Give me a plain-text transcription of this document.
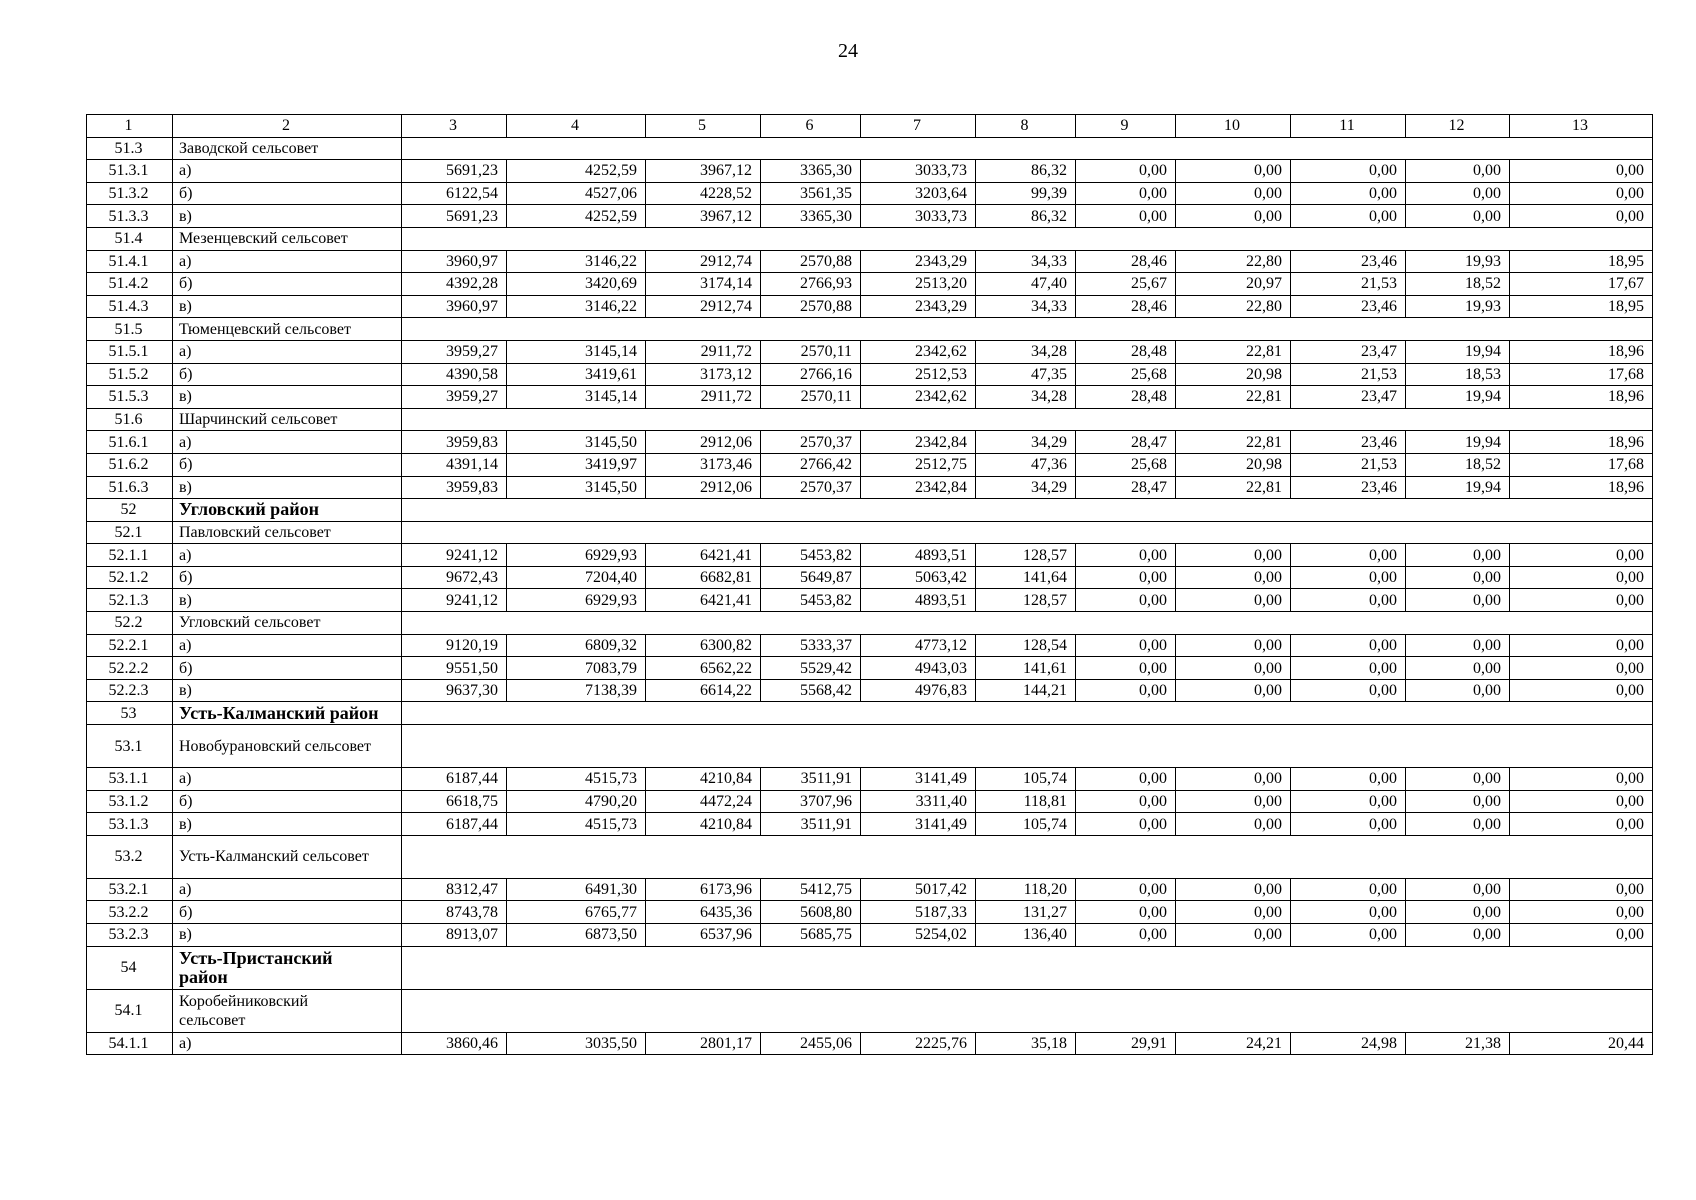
24
1	2	3	4	5	6	7	8	9	10	11	12	13
51.3	Заводской сельсовет											
51.3.1	а)	5691,23	4252,59	3967,12	3365,30	3033,73	86,32	0,00	0,00	0,00	0,00	0,00
51.3.2	б)	6122,54	4527,06	4228,52	3561,35	3203,64	99,39	0,00	0,00	0,00	0,00	0,00
51.3.3	в)	5691,23	4252,59	3967,12	3365,30	3033,73	86,32	0,00	0,00	0,00	0,00	0,00
51.4	Мезенцевский сельсовет											
51.4.1	а)	3960,97	3146,22	2912,74	2570,88	2343,29	34,33	28,46	22,80	23,46	19,93	18,95
51.4.2	б)	4392,28	3420,69	3174,14	2766,93	2513,20	47,40	25,67	20,97	21,53	18,52	17,67
51.4.3	в)	3960,97	3146,22	2912,74	2570,88	2343,29	34,33	28,46	22,80	23,46	19,93	18,95
51.5	Тюменцевский сельсовет											
51.5.1	а)	3959,27	3145,14	2911,72	2570,11	2342,62	34,28	28,48	22,81	23,47	19,94	18,96
51.5.2	б)	4390,58	3419,61	3173,12	2766,16	2512,53	47,35	25,68	20,98	21,53	18,53	17,68
51.5.3	в)	3959,27	3145,14	2911,72	2570,11	2342,62	34,28	28,48	22,81	23,47	19,94	18,96
51.6	Шарчинский сельсовет											
51.6.1	а)	3959,83	3145,50	2912,06	2570,37	2342,84	34,29	28,47	22,81	23,46	19,94	18,96
51.6.2	б)	4391,14	3419,97	3173,46	2766,42	2512,75	47,36	25,68	20,98	21,53	18,52	17,68
51.6.3	в)	3959,83	3145,50	2912,06	2570,37	2342,84	34,29	28,47	22,81	23,46	19,94	18,96
52	Угловский район											
52.1	Павловский сельсовет											
52.1.1	а)	9241,12	6929,93	6421,41	5453,82	4893,51	128,57	0,00	0,00	0,00	0,00	0,00
52.1.2	б)	9672,43	7204,40	6682,81	5649,87	5063,42	141,64	0,00	0,00	0,00	0,00	0,00
52.1.3	в)	9241,12	6929,93	6421,41	5453,82	4893,51	128,57	0,00	0,00	0,00	0,00	0,00
52.2	Угловский сельсовет											
52.2.1	а)	9120,19	6809,32	6300,82	5333,37	4773,12	128,54	0,00	0,00	0,00	0,00	0,00
52.2.2	б)	9551,50	7083,79	6562,22	5529,42	4943,03	141,61	0,00	0,00	0,00	0,00	0,00
52.2.3	в)	9637,30	7138,39	6614,22	5568,42	4976,83	144,21	0,00	0,00	0,00	0,00	0,00
53	Усть-Калманский район											
53.1	Новобурановский сельсовет											
53.1.1	а)	6187,44	4515,73	4210,84	3511,91	3141,49	105,74	0,00	0,00	0,00	0,00	0,00
53.1.2	б)	6618,75	4790,20	4472,24	3707,96	3311,40	118,81	0,00	0,00	0,00	0,00	0,00
53.1.3	в)	6187,44	4515,73	4210,84	3511,91	3141,49	105,74	0,00	0,00	0,00	0,00	0,00
53.2	Усть-Калманский сельсовет											
53.2.1	а)	8312,47	6491,30	6173,96	5412,75	5017,42	118,20	0,00	0,00	0,00	0,00	0,00
53.2.2	б)	8743,78	6765,77	6435,36	5608,80	5187,33	131,27	0,00	0,00	0,00	0,00	0,00
53.2.3	в)	8913,07	6873,50	6537,96	5685,75	5254,02	136,40	0,00	0,00	0,00	0,00	0,00
54	Усть-Пристанский район											
54.1	Коробейниковский сельсовет											
54.1.1	а)	3860,46	3035,50	2801,17	2455,06	2225,76	35,18	29,91	24,21	24,98	21,38	20,44
